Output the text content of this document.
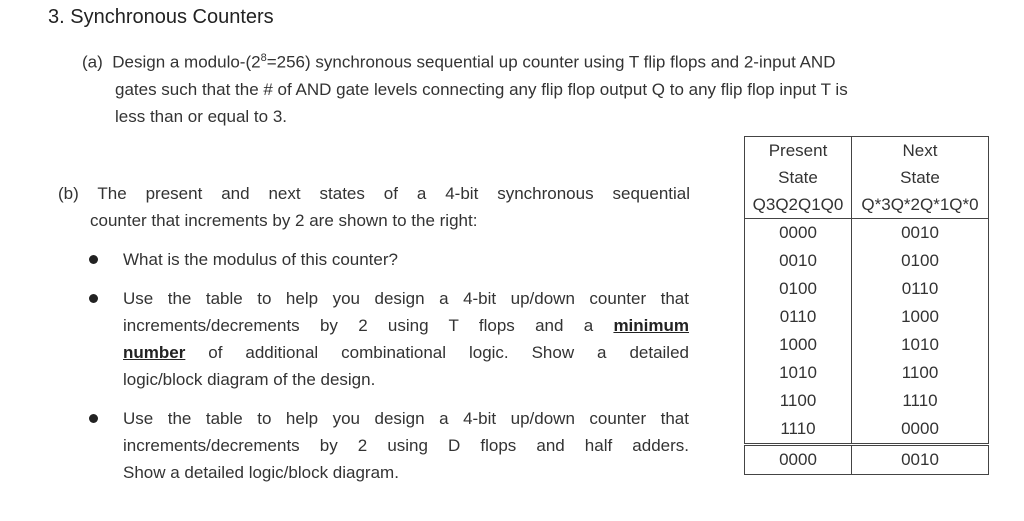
3. Synchronous Counters
(a) Design a modulo-$(2^8=256)$ synchronous sequential up counter using T flip flops and 2-input AND
gates such that the # of AND gate levels connecting any flip flop output Q to any flip flop input T is
less than or equal to 3.
(b) The present and next states of a 4-bit synchronous sequential
counter that increments by 2 are shown to the right:
What is the modulus of this counter?
Use the table to help you design a 4-bit up/down counter that
increments/decrements by 2 using T flops and a minimum
number of additional combinational logic. Show a detailed
logic/block diagram of the design.
Use the table to help you design a 4-bit up/down counter that
increments/decrements by 2 using D flops and half adders.
Show a detailed logic/block diagram.
Present	Next
State	State
Q3Q2Q1Q0	Q*3Q*2Q*1Q*0
0000	0010
0010	0100
0100	0110
0110	1000
1000	1010
1010	1100
1100	1110
1110	0000
0000	0010
